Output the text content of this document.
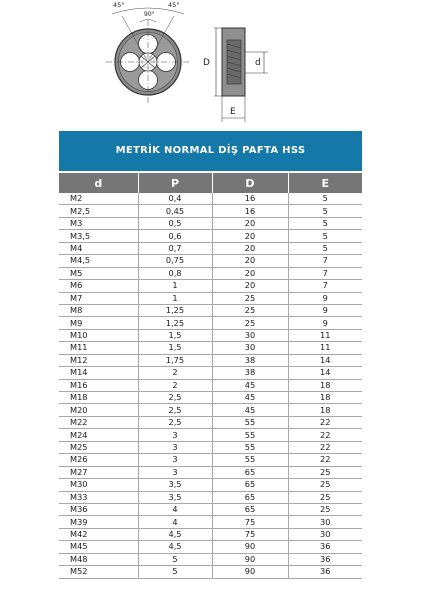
45°	45°
90°
D	d
E
METRİK NORMAL DİŞ PAFTA HSS
d	P	D	E
M2	0,4	16	5
M2,5	0,45	16	5
M3	0,5	20	5
M3,5	0,6	20	5
M4	0,7	20	5
M4,5	0,75	20	7
M5	0,8	20	7
M6	1	20	7
M7	1	25	9
M8	1,25	25	9
M9	1,25	25	9
M10	1,5	30	11
M11	1,5	30	11
M12	1,75	38	14
M14	2	38	14
M16	2	45	18
M18	2,5	45	18
M20	2,5	45	18
M22	2,5	55	22
M24	3	55	22
M25	3	55	22
M26	3	55	22
M27	3	65	25
M30	3,5	65	25
M33	3,5	65	25
M36	4	65	25
M39	4	75	30
M42	4,5	75	30
M45	4,5	90	36
M48	5	90	36
M52	5	90	36
